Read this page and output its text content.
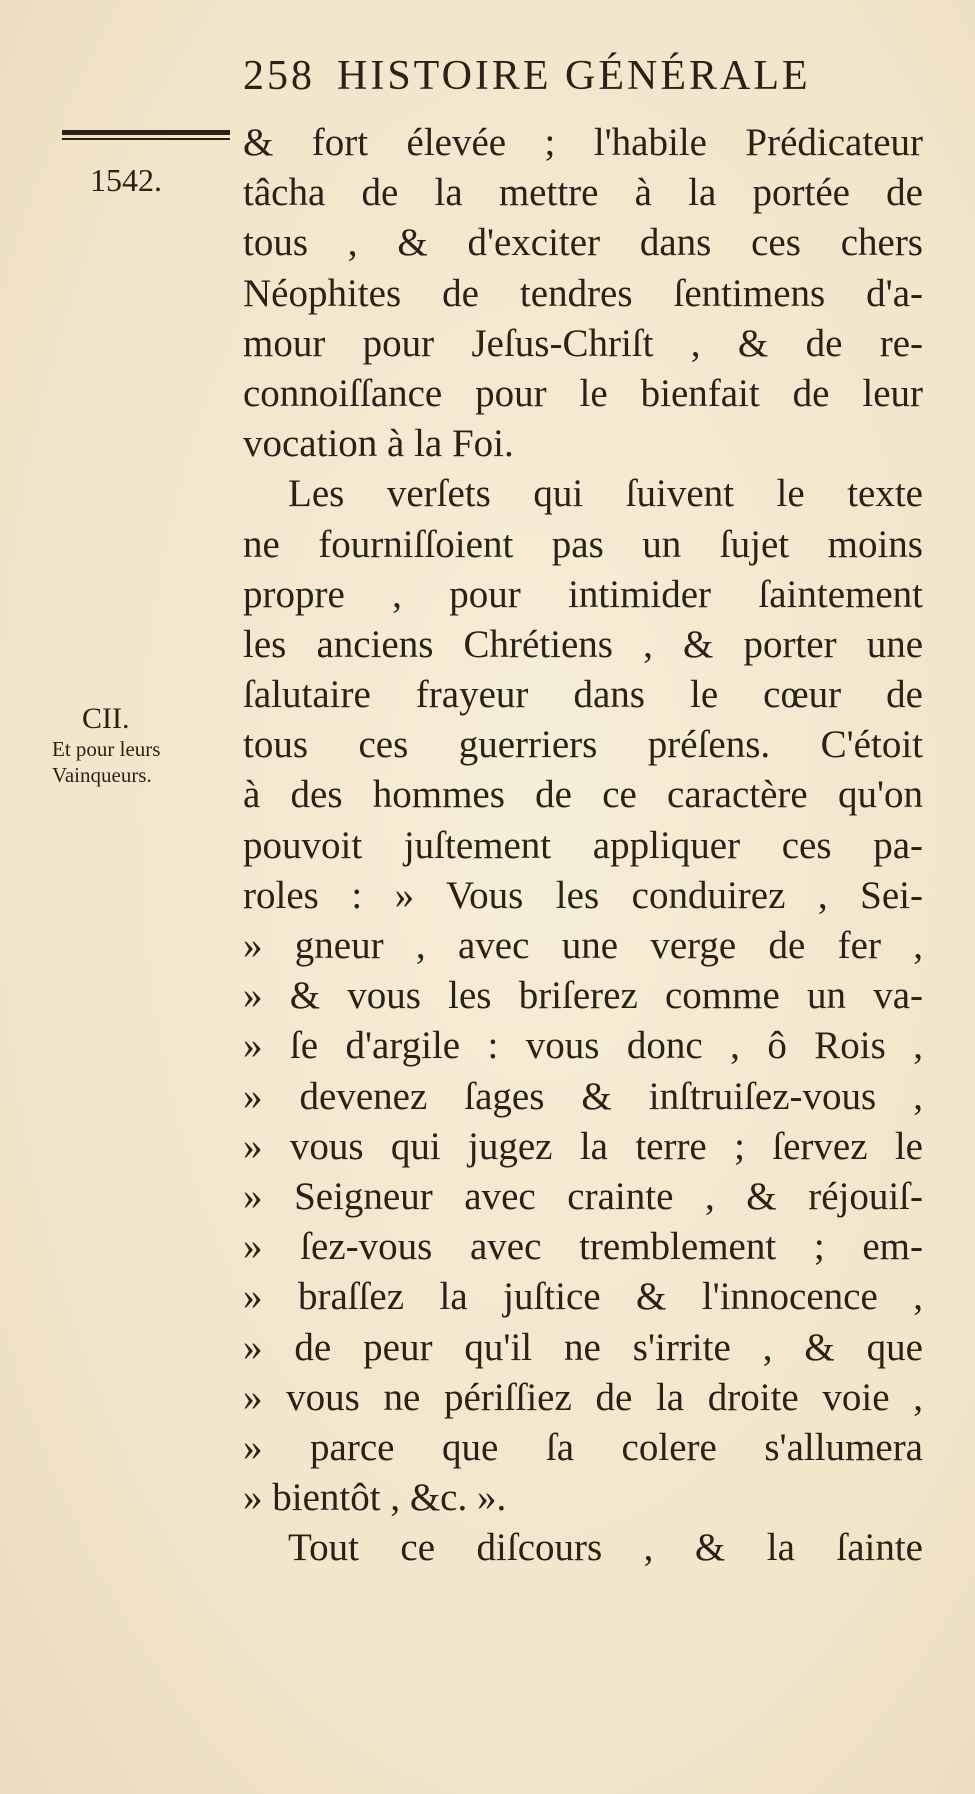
258 HISTOIRE GÉNÉRALE
1542.
CII.
Et pour leurs
Vainqueurs.
& fort élevée ; l'habile Prédicateur
tâcha de la mettre à la portée de
tous , & d'exciter dans ces chers
Néophites de tendres ſentimens d'a-
mour pour Jeſus-Chriſt , & de re-
connoiſſance pour le bienfait de leur
vocation à la Foi.
Les verſets qui ſuivent le texte
ne fourniſſoient pas un ſujet moins
propre , pour intimider ſaintement
les anciens Chrétiens , & porter une
ſalutaire frayeur dans le cœur de
tous ces guerriers préſens. C'étoit
à des hommes de ce caractère qu'on
pouvoit juſtement appliquer ces pa-
roles : » Vous les conduirez , Sei-
» gneur , avec une verge de fer ,
» & vous les briſerez comme un va-
» ſe d'argile : vous donc , ô Rois ,
» devenez ſages & inſtruiſez-vous ,
» vous qui jugez la terre ; ſervez le
» Seigneur avec crainte , & réjouiſ-
» ſez-vous avec tremblement ; em-
» braſſez la juſtice & l'innocence ,
» de peur qu'il ne s'irrite , & que
» vous ne périſſiez de la droite voie ,
» parce que ſa colere s'allumera
» bientôt , &c. ».
Tout ce diſcours , & la ſainte
